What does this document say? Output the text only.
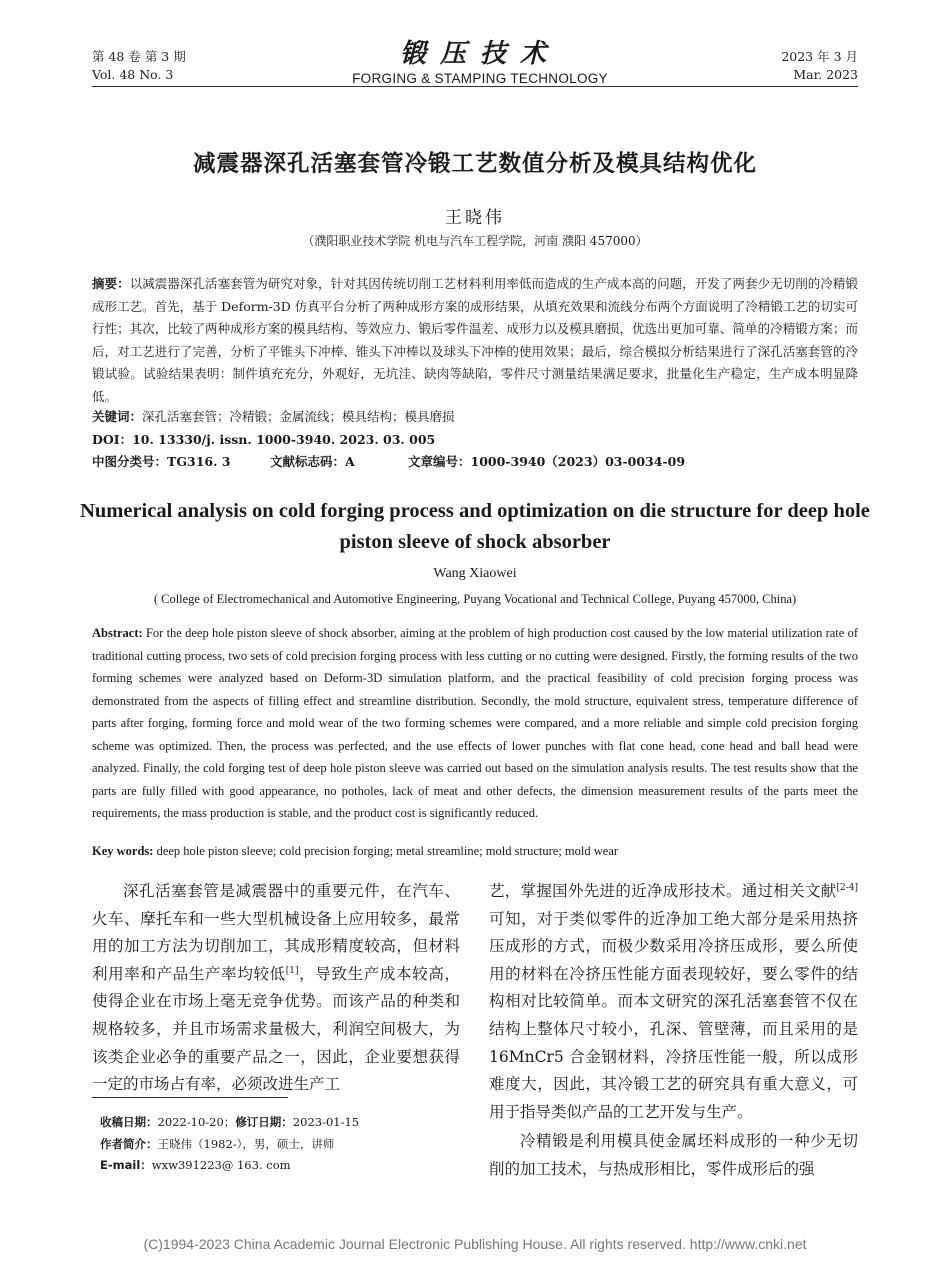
第 48 卷 第 3 期
Vol. 48 No. 3
锻压技术
FORGING & STAMPING TECHNOLOGY
2023 年 3 月
Mar. 2023
减震器深孔活塞套管冷锻工艺数值分析及模具结构优化
王晓伟
（濮阳职业技术学院 机电与汽车工程学院，河南 濮阳 457000）
摘要：以减震器深孔活塞套管为研究对象，针对其因传统切削工艺材料利用率低而造成的生产成本高的问题，开发了两套少无切削的冷精锻成形工艺。首先，基于 Deform-3D 仿真平台分析了两种成形方案的成形结果，从填充效果和流线分布两个方面说明了冷精锻工艺的切实可行性；其次，比较了两种成形方案的模具结构、等效应力、锻后零件温差、成形力以及模具磨损，优选出更加可靠、简单的冷精锻方案；而后，对工艺进行了完善，分析了平锥头下冲棒、锥头下冲棒以及球头下冲棒的使用效果；最后，综合模拟分析结果进行了深孔活塞套管的冷锻试验。试验结果表明：制件填充充分，外观好，无坑洼、缺肉等缺陷，零件尺寸测量结果满足要求，批量化生产稳定，生产成本明显降低。
关键词：深孔活塞套管；冷精锻；金属流线；模具结构；模具磨损
DOI：10. 13330/j. issn. 1000-3940. 2023. 03. 005
中图分类号：TG316. 3	文献标志码：A	文章编号：1000-3940（2023）03-0034-09
Numerical analysis on cold forging process and optimization on die structure for deep hole piston sleeve of shock absorber
Wang Xiaowei
( College of Electromechanical and Automotive Engineering, Puyang Vocational and Technical College, Puyang 457000, China)
Abstract: For the deep hole piston sleeve of shock absorber, aiming at the problem of high production cost caused by the low material utilization rate of traditional cutting process, two sets of cold precision forging process with less cutting or no cutting were designed. Firstly, the forming results of the two forming schemes were analyzed based on Deform-3D simulation platform, and the practical feasibility of cold precision forging process was demonstrated from the aspects of filling effect and streamline distribution. Secondly, the mold structure, equivalent stress, temperature difference of parts after forging, forming force and mold wear of the two forming schemes were compared, and a more reliable and simple cold precision forging scheme was optimized. Then, the process was perfected, and the use effects of lower punches with flat cone head, cone head and ball head were analyzed. Finally, the cold forging test of deep hole piston sleeve was carried out based on the simulation analysis results. The test results show that the parts are fully filled with good appearance, no potholes, lack of meat and other defects, the dimension measurement results of the parts meet the requirements, the mass production is stable, and the product cost is significantly reduced.
Key words: deep hole piston sleeve; cold precision forging; metal streamline; mold structure; mold wear

深孔活塞套管是减震器中的重要元件，在汽车、火车、摩托车和一些大型机械设备上应用较多，最常用的加工方法为切削加工，其成形精度较高，但材料利用率和产品生产率均较低[1]，导致生产成本较高，使得企业在市场上毫无竞争优势。而该产品的种类和规格较多，并且市场需求量极大，利润空间极大，为该类企业必争的重要产品之一，因此，企业要想获得一定的市场占有率，必须改进生产工

艺，掌握国外先进的近净成形技术。通过相关文献[2-4]可知，对于类似零件的近净加工绝大部分是采用热挤压成形的方式，而极少数采用冷挤压成形，要么所使用的材料在冷挤压性能方面表现较好，要么零件的结构相对比较简单。而本文研究的深孔活塞套管不仅在结构上整体尺寸较小，孔深、管壁薄，而且采用的是 16MnCr5 合金钢材料，冷挤压性能一般，所以成形难度大，因此，其冷锻工艺的研究具有重大意义，可用于指导类似产品的工艺开发与生产。

冷精锻是利用模具使金属坯料成形的一种少无切削的加工技术，与热成形相比，零件成形后的强

收稿日期：2022-10-20；修订日期：2023-01-15
作者简介：王晓伟（1982-），男，硕士，讲师
E-mail：wxw391223@ 163. com
(C)1994-2023 China Academic Journal Electronic Publishing House. All rights reserved. http://www.cnki.net
